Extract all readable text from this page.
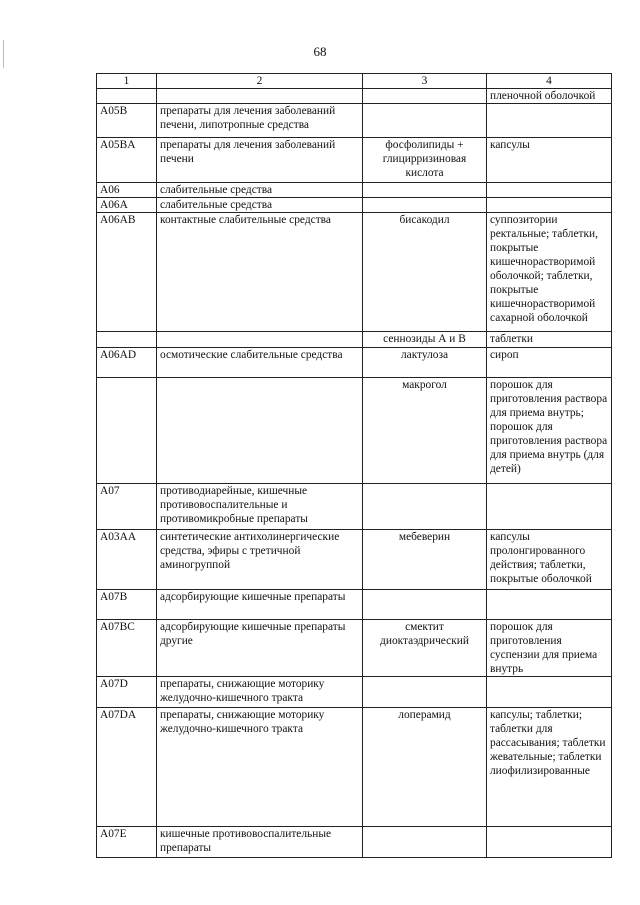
68
1	2	3	4
			пленочной оболочкой
A05B	препараты для лечения заболеваний печени, липотропные средства		
A05BA	препараты для лечения заболеваний печени	фосфолипиды + глицирризиновая кислота	капсулы
A06	слабительные средства		
A06A	слабительные средства		
A06AB	контактные слабительные средства	бисакодил	суппозитории ректальные; таблетки, покрытые кишечнорастворимой оболочкой; таблетки, покрытые кишечнорастворимой сахарной оболочкой
		сеннозиды А и В	таблетки
A06AD	осмотические слабительные средства	лактулоза	сироп
		макрогол	порошок для приготовления раствора для приема внутрь; порошок для приготовления раствора для приема внутрь (для детей)
A07	противодиарейные, кишечные противовоспалительные и противомикробные препараты		
A03AA	синтетические антихолинергические средства, эфиры с третичной аминогруппой	мебеверин	капсулы пролонгированного действия; таблетки, покрытые оболочкой
A07B	адсорбирующие кишечные препараты		
A07BC	адсорбирующие кишечные препараты другие	смектит диоктаэдрический	порошок для приготовления суспензии для приема внутрь
A07D	препараты, снижающие моторику желудочно-кишечного тракта		
A07DA	препараты, снижающие моторику желудочно-кишечного тракта	лоперамид	капсулы; таблетки; таблетки для рассасывания; таблетки жевательные; таблетки лиофилизированные
A07E	кишечные противовоспалительные препараты		
